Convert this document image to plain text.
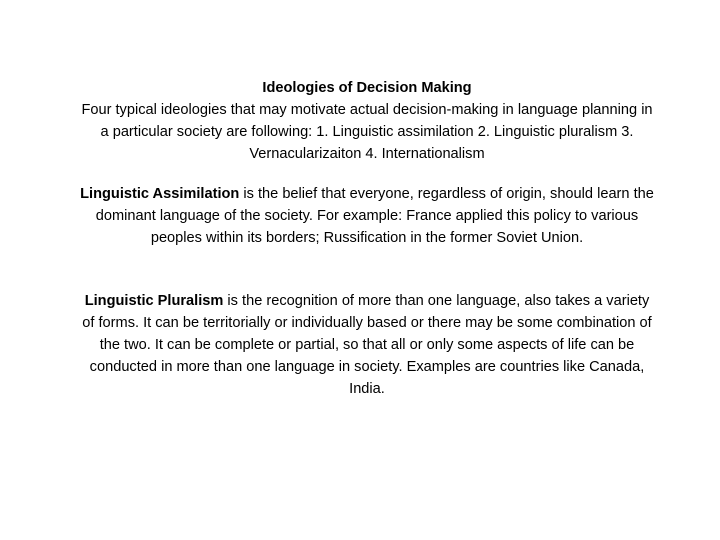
Ideologies of Decision Making
Four typical ideologies that may motivate actual decision-making in language planning in a particular society are following: 1. Linguistic assimilation 2. Linguistic pluralism 3. Vernacularizaiton 4. Internationalism
Linguistic Assimilation is the belief that everyone, regardless of origin, should learn the dominant language of the society. For example: France applied this policy to various peoples within its borders; Russification in the former Soviet Union.
Linguistic Pluralism is the recognition of more than one language, also takes a variety of forms. It can be territorially or individually based or there may be some combination of the two. It can be complete or partial, so that all or only some aspects of life can be conducted in more than one language in society. Examples are countries like Canada, India.
